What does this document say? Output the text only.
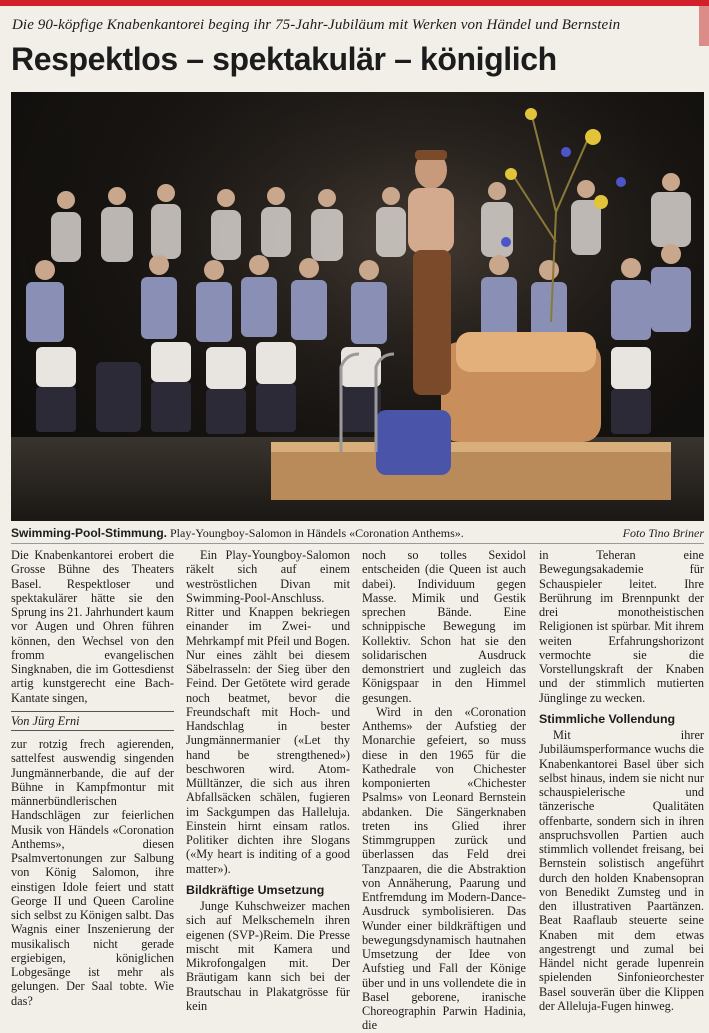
Die 90-köpfige Knabenkantorei beging ihr 75-Jahr-Jubiläum mit Werken von Händel und Bernstein
Respektlos – spektakulär – königlich
Swimming-Pool-Stimmung. Play-Youngboy-Salomon in Händels «Coronation Anthems».	Foto Tino Briner

Die Knabenkantorei erobert die Grosse Bühne des Theaters Basel. Respektloser und spektakulärer hätte sie den Sprung ins 21. Jahrhundert kaum vor Augen und Ohren führen können, den Wechsel von den fromm evangelischen Singknaben, die im Gottesdienst artig kunstgerecht eine Bach-Kantate singen,

Von Jürg Erni

zur rotzig frech agierenden, sattelfest auswendig singenden Jungmännerbande, die auf der Bühne in Kampfmontur mit männerbündlerischen Handschlägen zur feierlichen Musik von Händels «Coronation Anthems», diesen Psalmvertonungen zur Salbung von König Salomon, ihre einstigen Idole feiert und statt George II und Queen Caroline sich selbst zu Königen salbt. Das Wagnis einer Inszenierung der musikalisch nicht gerade ergiebigen, königlichen Lobgesänge ist mehr als gelungen. Der Saal tobte. Wie das?

Ein Play-Youngboy-Salomon räkelt sich auf einem weströstlichen Divan mit Swimming-Pool-Anschluss. Ritter und Knappen bekriegen einander im Zwei- und Mehrkampf mit Pfeil und Bogen. Nur eines zählt bei diesem Säbelrasseln: der Sieg über den Feind. Der Getötete wird gerade noch beatmet, bevor die Freundschaft mit Hoch- und Handschlag in bester Jungmännermanier («Let thy hand be strengthened») beschworen wird. Atom-Mülltänzer, die sich aus ihren Abfallsäcken schälen, fugieren im Sackgumpen das Halleluja. Einstein hirnt einsam ratlos. Politiker dichten ihre Slogans («My heart is inditing of a good matter»).

Bildkräftige Umsetzung

Junge Kuhschweizer machen sich auf Melkschemeln ihren eigenen (SVP-)Reim. Die Presse mischt mit Kamera und Mikrofongalgen mit. Der Bräutigam kann sich bei der Brautschau in Plakatgrösse für kein

noch so tolles Sexidol entscheiden (die Queen ist auch dabei). Individuum gegen Masse. Mimik und Gestik sprechen Bände. Eine schnippische Bewegung im Kollektiv. Schon hat sie den solidarischen Ausdruck demonstriert und zugleich das Königspaar in den Himmel gesungen.

Wird in den «Coronation Anthems» der Aufstieg der Monarchie gefeiert, so muss diese in den 1965 für die Kathedrale von Chichester komponierten «Chichester Psalms» von Leonard Bernstein abdanken. Die Sängerknaben treten ins Glied ihrer Stimmgruppen zurück und überlassen das Feld drei Tanzpaaren, die die Abstraktion von Annäherung, Paarung und Entfremdung im Modern-Dance-Ausdruck symbolisieren. Das Wunder einer bildkräftigen und bewegungsdynamisch hautnahen Umsetzung der Idee von Aufstieg und Fall der Könige über und in uns vollendete die in Basel geborene, iranische Choreographin Parwin Hadinia, die

in Teheran eine Bewegungsakademie für Schauspieler leitet. Ihre Berührung im Brennpunkt der drei monotheistischen Religionen ist spürbar. Mit ihrem weiten Erfahrungshorizont vermochte sie die Vorstellungskraft der Knaben und der stimmlich mutierten Jünglinge zu wecken.

Stimmliche Vollendung

Mit ihrer Jubiläumsperformance wuchs die Knabenkantorei Basel über sich selbst hinaus, indem sie nicht nur schauspielerische und tänzerische Qualitäten offenbarte, sondern sich in ihren anspruchsvollen Partien auch stimmlich vollendet freisang, bei Bernstein solistisch angeführt durch den holden Knabensopran von Benedikt Zumsteg und in den illustrativen Paartänzen. Beat Raaflaub steuerte seine Knaben mit dem etwas angestrengt und zumal bei Händel nicht gerade lupenrein spielenden Sinfonieorchester Basel souverän über die Klippen der Alleluja-Fugen hinweg.
